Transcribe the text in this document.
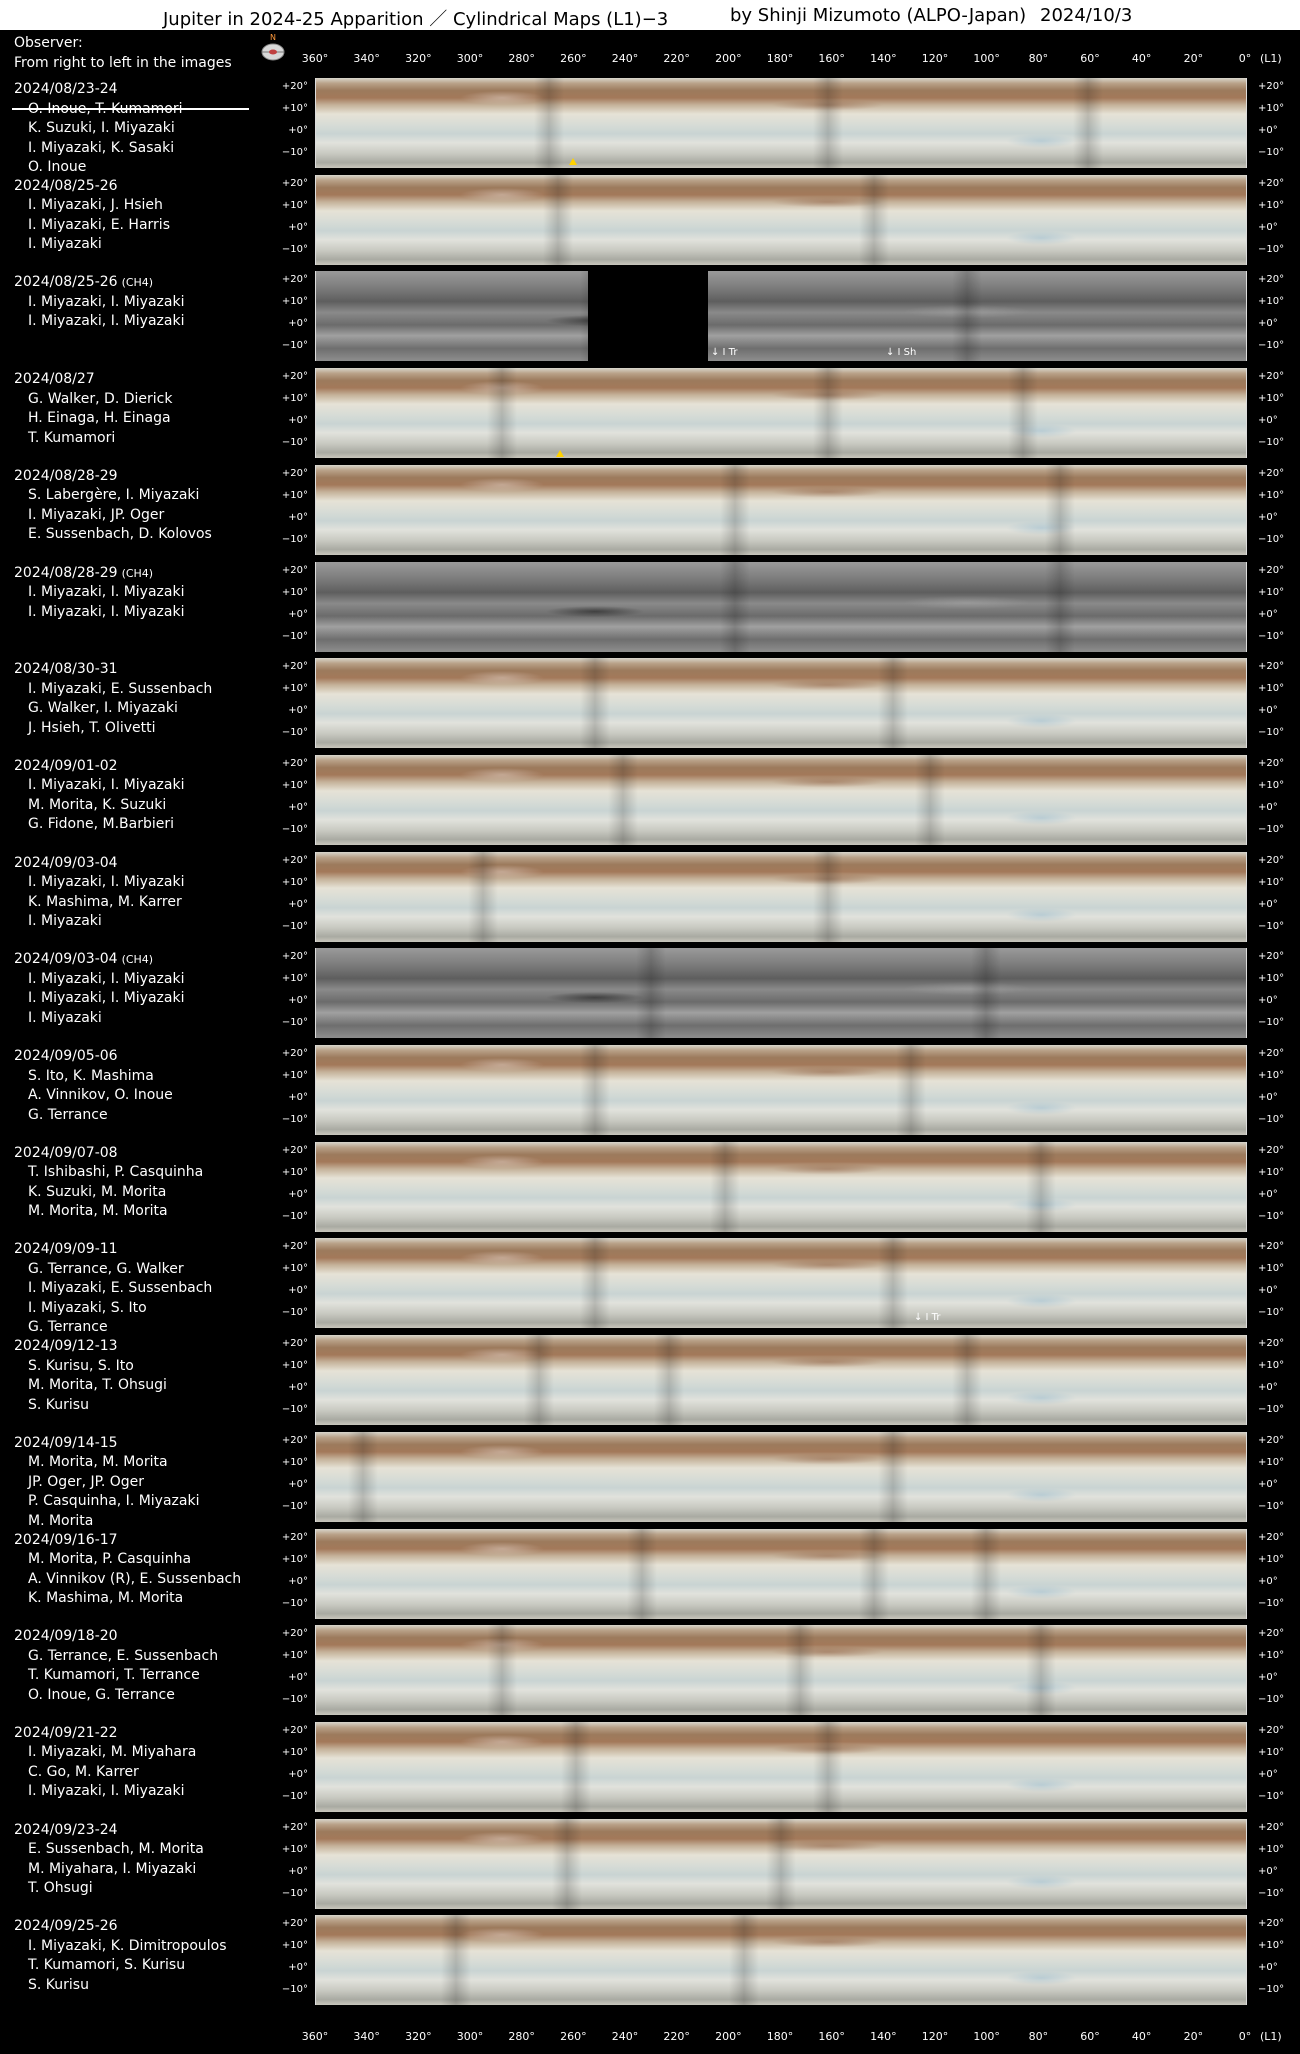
Jupiter in 2024-25 Apparition ／ Cylindrical Maps (L1)−3	by Shinji Mizumoto (ALPO-Japan) 2024/10/3
N
Observer:
From right to left in the images
2024/08/23-24
O. Inoue, T. Kumamori
K. Suzuki, I. Miyazaki
I. Miyazaki, K. Sasaki
O. Inoue
2024/08/25-26
I. Miyazaki, J. Hsieh
I. Miyazaki, E. Harris
I. Miyazaki
2024/08/25-26 (CH4)
I. Miyazaki, I. Miyazaki
I. Miyazaki, I. Miyazaki
2024/08/27
G. Walker, D. Dierick
H. Einaga, H. Einaga
T. Kumamori
2024/08/28-29
S. Labergère, I. Miyazaki
I. Miyazaki, JP. Oger
E. Sussenbach, D. Kolovos
2024/08/28-29 (CH4)
I. Miyazaki, I. Miyazaki
I. Miyazaki, I. Miyazaki
2024/08/30-31
I. Miyazaki, E. Sussenbach
G. Walker, I. Miyazaki
J. Hsieh, T. Olivetti
2024/09/01-02
I. Miyazaki, I. Miyazaki
M. Morita, K. Suzuki
G. Fidone, M.Barbieri
2024/09/03-04
I. Miyazaki, I. Miyazaki
K. Mashima, M. Karrer
I. Miyazaki
2024/09/03-04 (CH4)
I. Miyazaki, I. Miyazaki
I. Miyazaki, I. Miyazaki
I. Miyazaki
2024/09/05-06
S. Ito, K. Mashima
A. Vinnikov, O. Inoue
G. Terrance
2024/09/07-08
T. Ishibashi, P. Casquinha
K. Suzuki, M. Morita
M. Morita, M. Morita
2024/09/09-11
G. Terrance, G. Walker
I. Miyazaki, E. Sussenbach
I. Miyazaki, S. Ito
G. Terrance
2024/09/12-13
S. Kurisu, S. Ito
M. Morita, T. Ohsugi
S. Kurisu
2024/09/14-15
M. Morita, M. Morita
JP. Oger, JP. Oger
P. Casquinha, I. Miyazaki
M. Morita
2024/09/16-17
M. Morita, P. Casquinha
A. Vinnikov (R), E. Sussenbach
K. Mashima, M. Morita
2024/09/18-20
G. Terrance, E. Sussenbach
T. Kumamori, T. Terrance
O. Inoue, G. Terrance
2024/09/21-22
I. Miyazaki, M. Miyahara
C. Go, M. Karrer
I. Miyazaki, I. Miyazaki
2024/09/23-24
E. Sussenbach, M. Morita
M. Miyahara, I. Miyazaki
T. Ohsugi
2024/09/25-26
I. Miyazaki, K. Dimitropoulos
T. Kumamori, S. Kurisu
S. Kurisu
360° 340° 320° 300° 280° 260° 240° 220° 200° 180° 160° 140° 120° 100°	80°	60°	40°	20°	0° (L1)
360° 340° 320° 300° 280° 260° 240° 220° 200° 180° 160° 140° 120° 100°	80°	60°	40°	20°	0° (L1)
+20°
+10°
+0°
−10°
+20°
+10°
+0°
−10°
+20°
+10°
+0°
−10°
+20°
+10°
+0°
−10°
↓ I Tr	↓ I Sh
+20°
+10°
+0°
−10°
+20°
+10°
+0°
−10°
+20°
+10°
+0°
−10°
+20°
+10°
+0°
−10°
+20°
+10°
+0°
−10°
+20°
+10°
+0°
−10°
+20°
+10°
+0°
−10°
+20°
+10°
+0°
−10°
+20°
+10°
+0°
−10°
+20°
+10°
+0°
−10°
+20°
+10°
+0°
−10°
+20°
+10°
+0°
−10°
+20°
+10°
+0°
−10°
+20°
+10°
+0°
−10°
+20°
+10°
+0°
−10°
+20°
+10°
+0°
−10°
+20°
+10°
+0°
−10°
+20°
+10°
+0°
−10°
+20°
+10°
+0°
−10°
+20°
+10°
+0°
−10°
↓ I Tr
+20°
+10°
+0°
−10°
+20°
+10°
+0°
−10°
+20°
+10°
+0°
−10°
+20°
+10°
+0°
−10°
+20°
+10°
+0°
−10°
+20°
+10°
+0°
−10°
+20°
+10°
+0°
−10°
+20°
+10°
+0°
−10°
+20°
+10°
+0°
−10°
+20°
+10°
+0°
−10°
+20°
+10°
+0°
−10°
+20°
+10°
+0°
−10°
+20°
+10°
+0°
−10°
+20°
+10°
+0°
−10°
+20°
+10°
+0°
−10°
+20°
+10°
+0°
−10°
